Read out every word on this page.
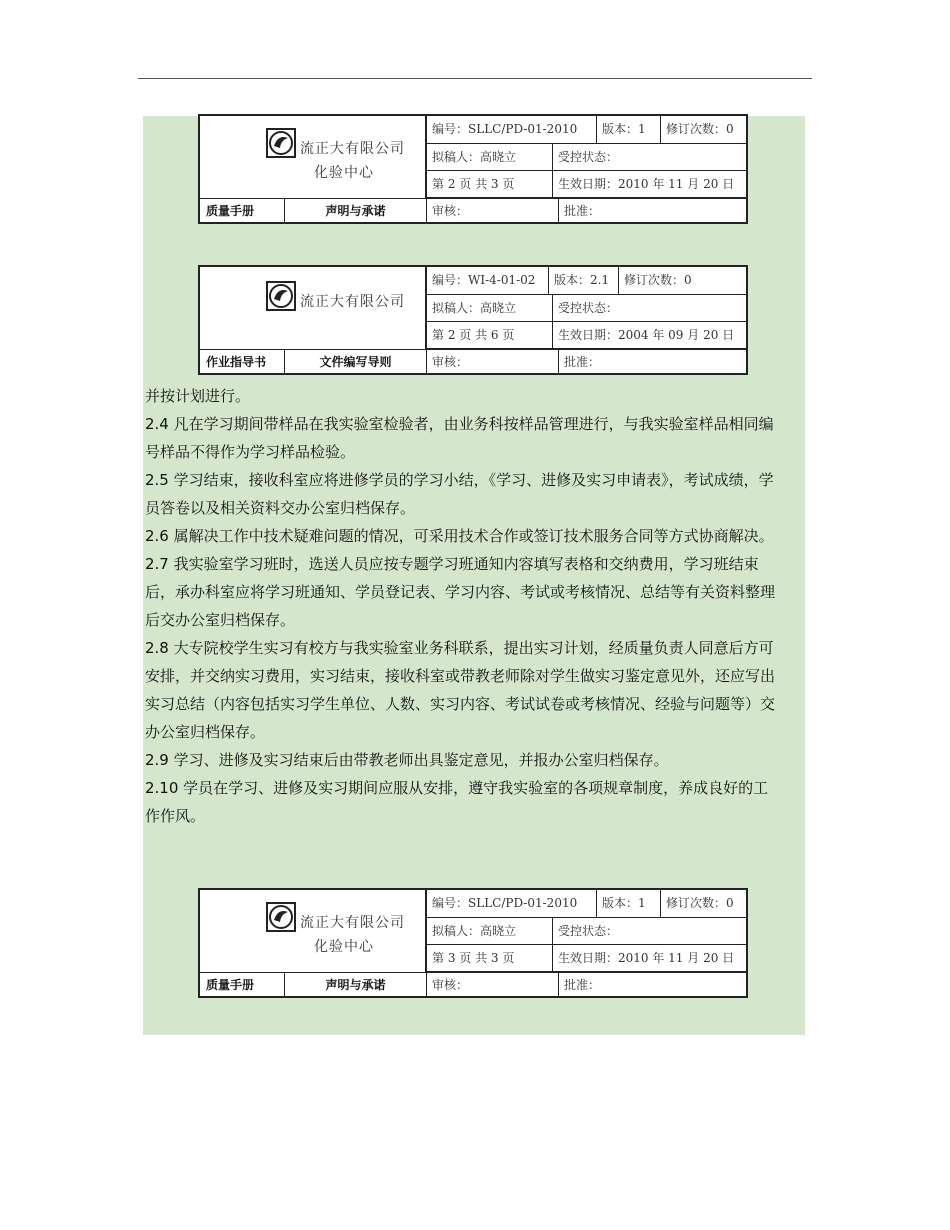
流正大有限公司
化验中心
编号：SLLC/PD-01-2010	版本：1	修订次数：0
拟稿人：高晓立	受控状态：
第 2 页 共 3 页	生效日期：2010 年 11 月 20 日
质量手册	声明与承诺	审核：	批准：
流正大有限公司
编号：WI-4-01-02	版本：2.1	修订次数：0
拟稿人：高晓立	受控状态：
第 2 页 共 6 页	生效日期：2004 年 09 月 20 日
作业指导书	文件编写导则	审核：	批准：

并按计划进行。

2.4 凡在学习期间带样品在我实验室检验者，由业务科按样品管理进行，与我实验室样品相同编号样品不得作为学习样品检验。

2.5 学习结束，接收科室应将进修学员的学习小结，《学习、进修及实习申请表》，考试成绩，学员答卷以及相关资料交办公室归档保存。

2.6 属解决工作中技术疑难问题的情况，可采用技术合作或签订技术服务合同等方式协商解决。

2.7 我实验室学习班时，选送人员应按专题学习班通知内容填写表格和交纳费用，学习班结束后，承办科室应将学习班通知、学员登记表、学习内容、考试或考核情况、总结等有关资料整理后交办公室归档保存。

2.8 大专院校学生实习有校方与我实验室业务科联系，提出实习计划，经质量负责人同意后方可安排，并交纳实习费用，实习结束，接收科室或带教老师除对学生做实习鉴定意见外，还应写出实习总结（内容包括实习学生单位、人数、实习内容、考试试卷或考核情况、经验与问题等）交办公室归档保存。

2.9 学习、进修及实习结束后由带教老师出具鉴定意见，并报办公室归档保存。

2.10 学员在学习、进修及实习期间应服从安排，遵守我实验室的各项规章制度，养成良好的工作作风。

流正大有限公司
化验中心
编号：SLLC/PD-01-2010	版本：1	修订次数：0
拟稿人：高晓立	受控状态：
第 3 页 共 3 页	生效日期：2010 年 11 月 20 日
质量手册	声明与承诺	审核：	批准：
